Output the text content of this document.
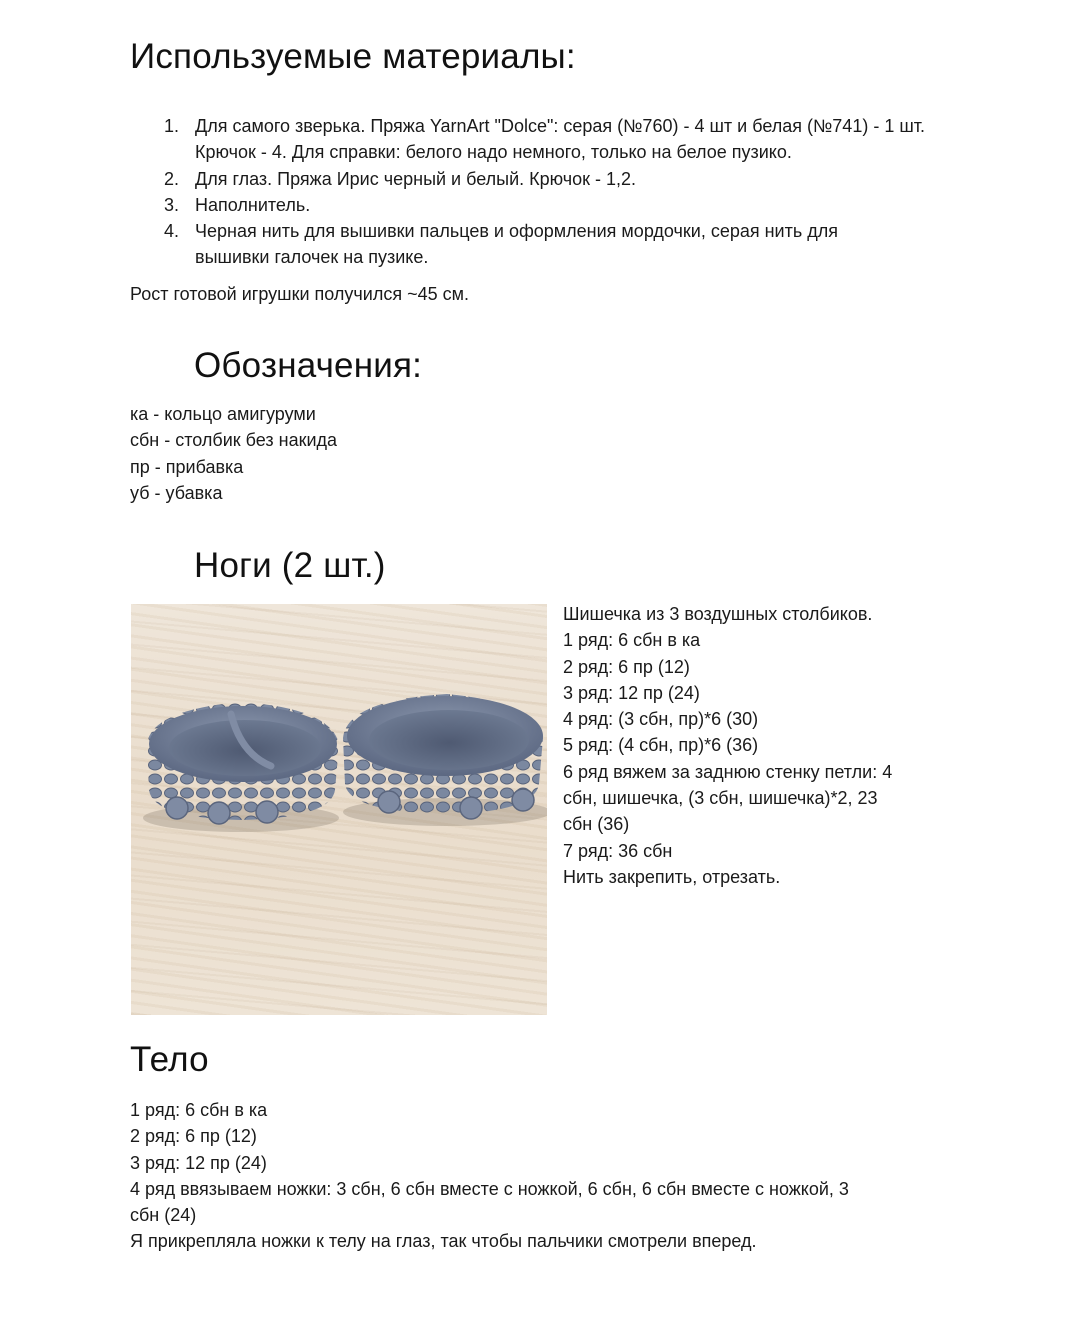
Используемые материалы:
1. Для самого зверька. Пряжа YarnArt "Dolce": серая (№760) - 4 шт и белая (№741) - 1 шт. Крючок - 4. Для справки: белого надо немного, только на белое пузико.
2. Для глаз. Пряжа Ирис черный и белый. Крючок - 1,2.
3. Наполнитель.
4. Черная нить для вышивки пальцев и оформления мордочки, серая нить для вышивки галочек на пузике.
Рост готовой игрушки получился ~45 см.
Обозначения:
ка - кольцо амигуруми
сбн - столбик без накида
пр - прибавка
уб - убавка
Ноги (2 шт.)
Шишечка из 3 воздушных столбиков.
1 ряд: 6 сбн в ка
2 ряд: 6 пр (12)
3 ряд: 12 пр (24)
4 ряд: (3 сбн, пр)*6 (30)
5 ряд: (4 сбн, пр)*6 (36)
6 ряд вяжем за заднюю стенку петли: 4
сбн, шишечка, (3 сбн, шишечка)*2, 23
сбн (36)
7 ряд: 36 сбн
Нить закрепить, отрезать.
Тело
1 ряд: 6 сбн в ка
2 ряд: 6 пр (12)
3 ряд: 12 пр (24)
4 ряд ввязываем ножки: 3 сбн, 6 сбн вместе с ножкой, 6 сбн, 6 сбн вместе с ножкой, 3
сбн (24)
Я прикрепляла ножки к телу на глаз, так чтобы пальчики смотрели вперед.
